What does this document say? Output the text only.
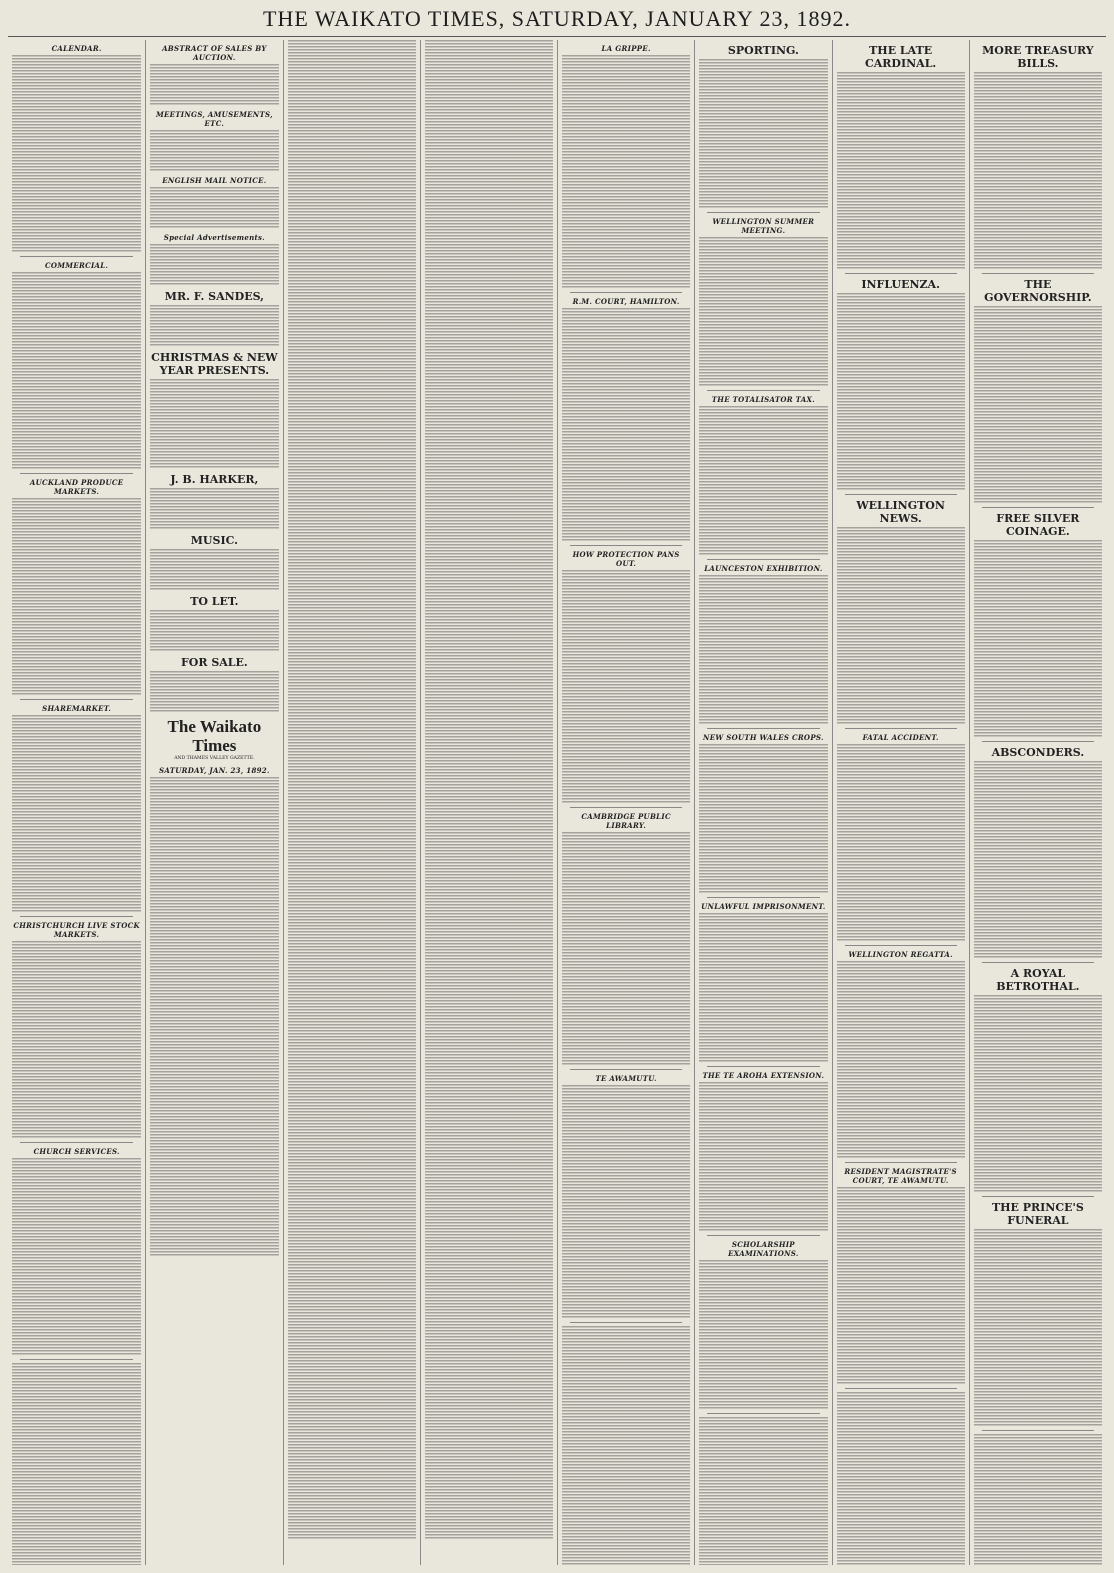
THE WAIKATO TIMES, SATURDAY, JANUARY 23, 1892.
CALENDAR.
COMMERCIAL.
AUCKLAND PRODUCE MARKETS.
SHAREMARKET.
CHRISTCHURCH LIVE STOCK MARKETS.
CHURCH SERVICES.
ABSTRACT OF SALES BY AUCTION.
MEETINGS, AMUSEMENTS, ETC.
ENGLISH MAIL NOTICE.
Special Advertisements.
MR. F. SANDES,
CHRISTMAS & NEW YEAR PRESENTS.
J. B. HARKER,
MUSIC.
TO LET.
FOR SALE.
The Waikato Times
AND THAMES VALLEY GAZETTE.
SATURDAY, JAN. 23, 1892.
LA GRIPPE.
R.M. COURT, HAMILTON.
HOW PROTECTION PANS OUT.
CAMBRIDGE PUBLIC LIBRARY.
TE AWAMUTU.
SPORTING.
WELLINGTON SUMMER MEETING.
THE TOTALISATOR TAX.
LAUNCESTON EXHIBITION.
NEW SOUTH WALES CROPS.
UNLAWFUL IMPRISONMENT.
THE TE AROHA EXTENSION.
SCHOLARSHIP EXAMINATIONS.
THE LATE CARDINAL.
INFLUENZA.
WELLINGTON NEWS.
FATAL ACCIDENT.
WELLINGTON REGATTA.
RESIDENT MAGISTRATE'S COURT, TE AWAMUTU.
MORE TREASURY BILLS.
THE GOVERNORSHIP.
FREE SILVER COINAGE.
ABSCONDERS.
A ROYAL BETROTHAL.
THE PRINCE'S FUNERAL
